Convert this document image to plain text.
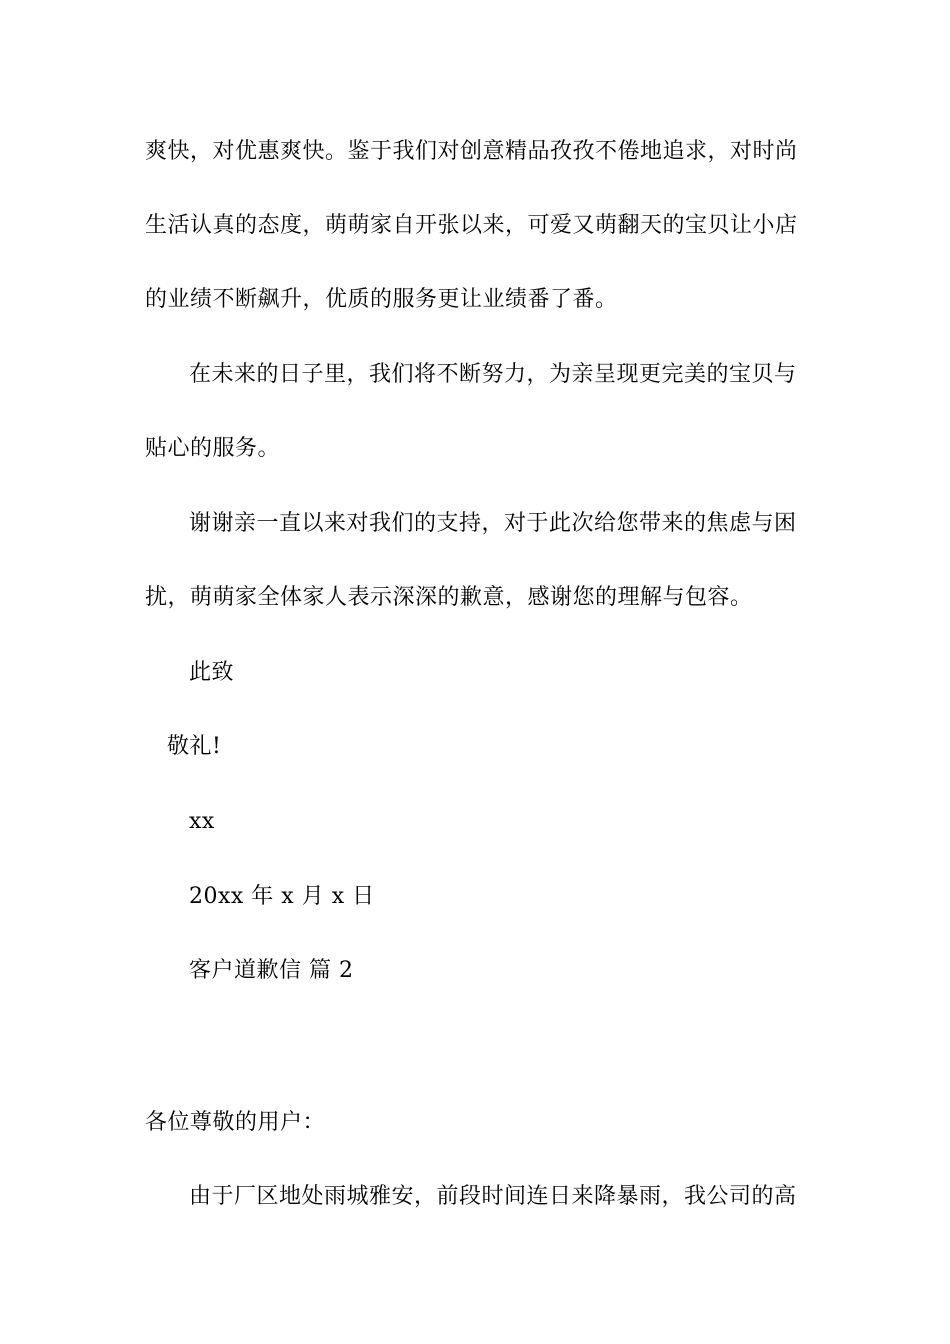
爽快，对优惠爽快。鉴于我们对创意精品孜孜不倦地追求，对时尚
生活认真的态度，萌萌家自开张以来，可爱又萌翻天的宝贝让小店
的业绩不断飙升，优质的服务更让业绩番了番。
在未来的日子里，我们将不断努力，为亲呈现更完美的宝贝与
贴心的服务。
谢谢亲一直以来对我们的支持，对于此次给您带来的焦虑与困
扰，萌萌家全体家人表示深深的歉意，感谢您的理解与包容。
此致
敬礼!
xx
20xx 年 x 月 x 日
客户道歉信 篇 2
各位尊敬的用户：
由于厂区地处雨城雅安，前段时间连日来降暴雨，我公司的高
